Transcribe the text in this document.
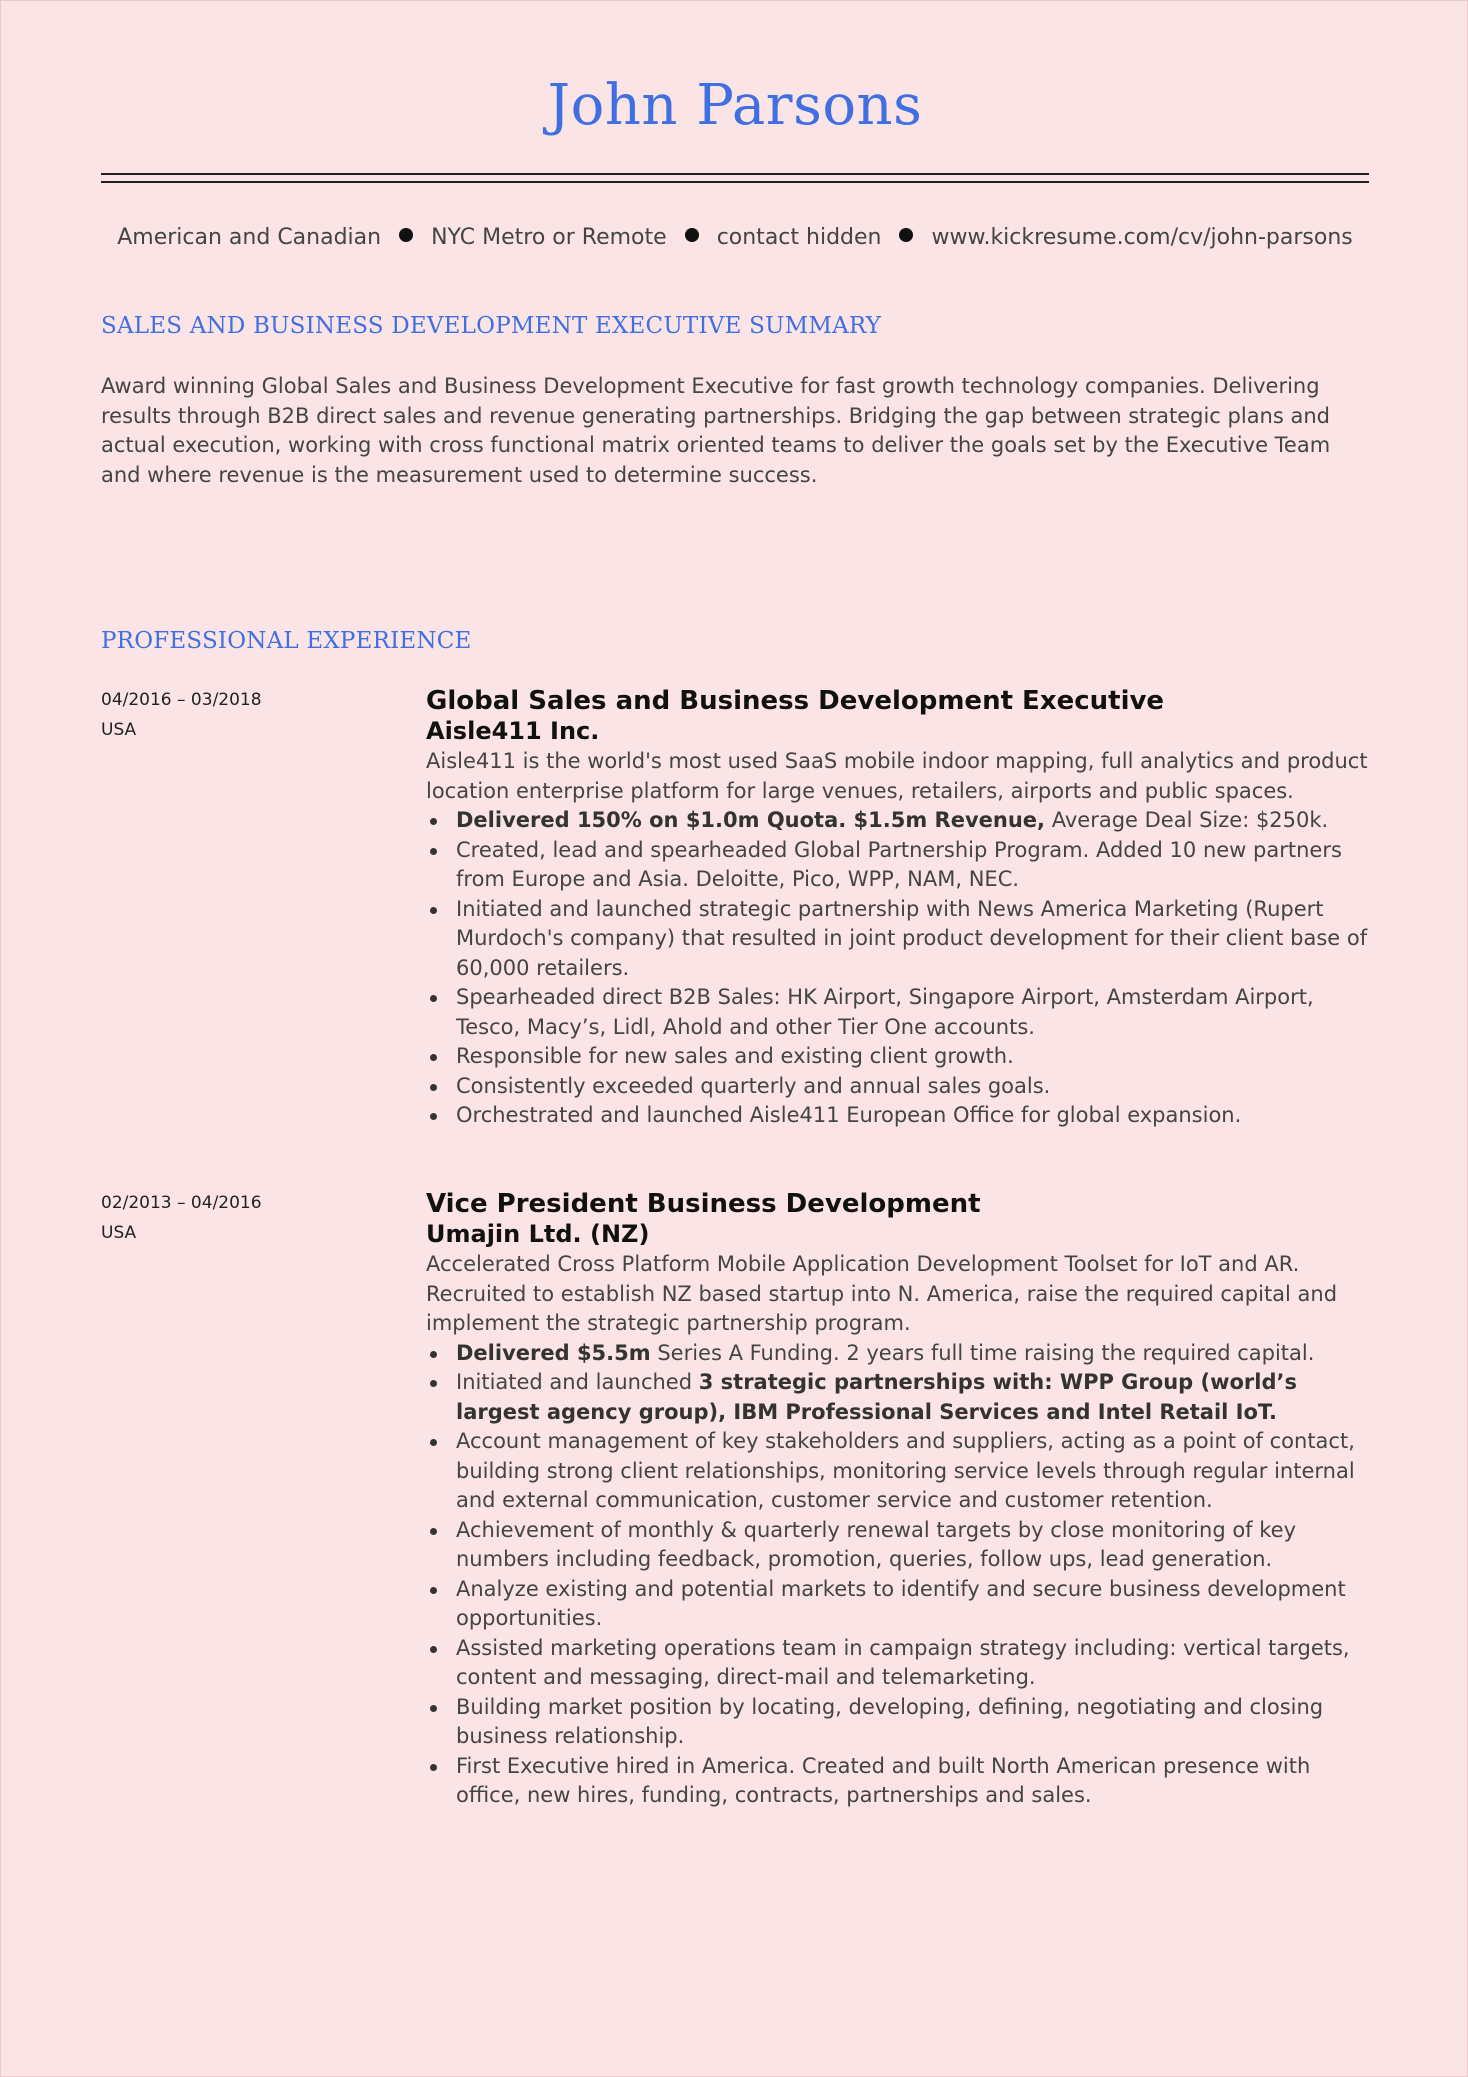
John Parsons
American and Canadian NYC Metro or Remote contact hidden www.kickresume.com/cv/john-parsons
SALES AND BUSINESS DEVELOPMENT EXECUTIVE SUMMARY
Award winning Global Sales and Business Development Executive for fast growth technology companies. Delivering results through B2B direct sales and revenue generating partnerships. Bridging the gap between strategic plans and actual execution, working with cross functional matrix oriented teams to deliver the goals set by the Executive Team and where revenue is the measurement used to determine success.
PROFESSIONAL EXPERIENCE
04/2016 – 03/2018
USA
Global Sales and Business Development Executive
Aisle411 Inc.
Aisle411 is the world's most used SaaS mobile indoor mapping, full analytics and product location enterprise platform for large venues, retailers, airports and public spaces.
Delivered 150% on $1.0m Quota. $1.5m Revenue, Average Deal Size: $250k.
Created, lead and spearheaded Global Partnership Program. Added 10 new partners from Europe and Asia. Deloitte, Pico, WPP, NAM, NEC.
Initiated and launched strategic partnership with News America Marketing (Rupert Murdoch's company) that resulted in joint product development for their client base of 60,000 retailers.
Spearheaded direct B2B Sales: HK Airport, Singapore Airport, Amsterdam Airport, Tesco, Macy’s, Lidl, Ahold and other Tier One accounts.
Responsible for new sales and existing client growth.
Consistently exceeded quarterly and annual sales goals.
Orchestrated and launched Aisle411 European Office for global expansion.
02/2013 – 04/2016
USA
Vice President Business Development
Umajin Ltd. (NZ)
Accelerated Cross Platform Mobile Application Development Toolset for IoT and AR. Recruited to establish NZ based startup into N. America, raise the required capital and implement the strategic partnership program.
Delivered $5.5m Series A Funding. 2 years full time raising the required capital.
Initiated and launched 3 strategic partnerships with: WPP Group (world’s largest agency group), IBM Professional Services and Intel Retail IoT.
Account management of key stakeholders and suppliers, acting as a point of contact, building strong client relationships, monitoring service levels through regular internal and external communication, customer service and customer retention.
Achievement of monthly & quarterly renewal targets by close monitoring of key numbers including feedback, promotion, queries, follow ups, lead generation.
Analyze existing and potential markets to identify and secure business development opportunities.
Assisted marketing operations team in campaign strategy including: vertical targets, content and messaging, direct-mail and telemarketing.
Building market position by locating, developing, defining, negotiating and closing business relationship.
First Executive hired in America. Created and built North American presence with office, new hires, funding, contracts, partnerships and sales.
